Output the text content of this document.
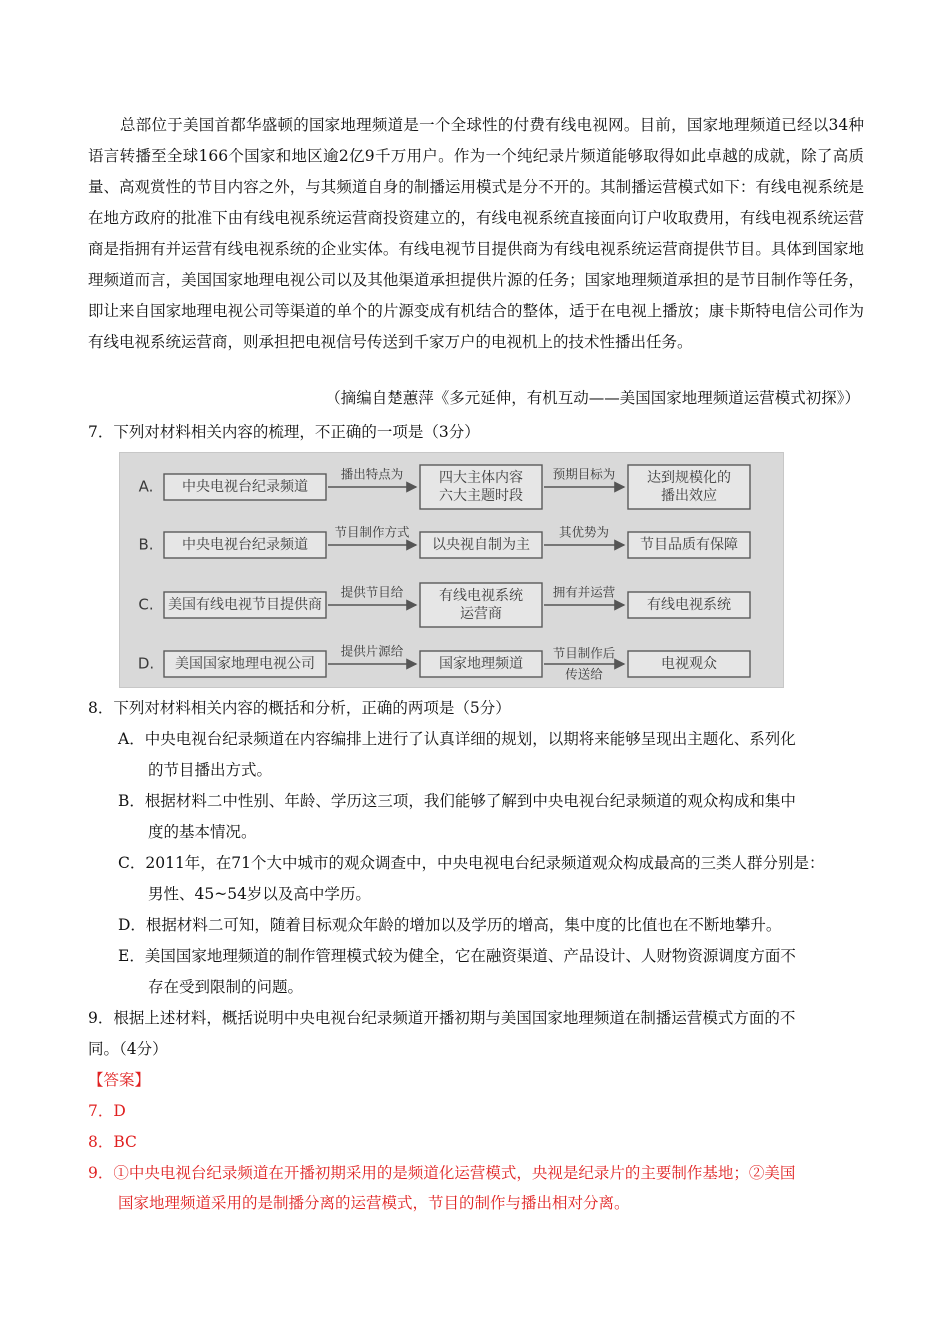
总部位于美国首都华盛顿的国家地理频道是一个全球性的付费有线电视网。目前，国家地理频道已经以34种语言转播至全球166个国家和地区逾2亿9千万用户。作为一个纯纪录片频道能够取得如此卓越的成就，除了高质量、高观赏性的节目内容之外，与其频道自身的制播运用模式是分不开的。其制播运营模式如下：有线电视系统是在地方政府的批准下由有线电视系统运营商投资建立的，有线电视系统直接面向订户收取费用，有线电视系统运营商是指拥有并运营有线电视系统的企业实体。有线电视节目提供商为有线电视系统运营商提供节目。具体到国家地理频道而言，美国国家地理电视公司以及其他渠道承担提供片源的任务；国家地理频道承担的是节目制作等任务，即让来自国家地理电视公司等渠道的单个的片源变成有机结合的整体，适于在电视上播放；康卡斯特电信公司作为有线电视系统运营商，则承担把电视信号传送到千家万户的电视机上的技术性播出任务。

（摘编自楚蕙萍《多元延伸，有机互动——美国国家地理频道运营模式初探》）

7．下列对材料相关内容的梳理，不正确的一项是（3分）

A. 中央电视台纪录频道
播出特点为	四大主体内容
六大主题时段
预期目标为 达到规模化的
播出效应
B. 中央电视台纪录频道
节目制作方式
以央视自制为主
其优势为
节目品质有保障
C. 美国有线电视节目提供商
提供节目给	有线电视系统
运营商
拥有并运营
有线电视系统
D. 美国国家地理电视公司
提供片源给
国家地理频道
节目制作后
传送给
电视观众

8．下列对材料相关内容的概括和分析，正确的两项是（5分）

A．中央电视台纪录频道在内容编排上进行了认真详细的规划，以期将来能够呈现出主题化、系列化
的节目播出方式。
B．根据材料二中性别、年龄、学历这三项，我们能够了解到中央电视台纪录频道的观众构成和集中
度的基本情况。
C．2011年，在71个大中城市的观众调查中，中央电视电台纪录频道观众构成最高的三类人群分别是：
男性、45~54岁以及高中学历。
D．根据材料二可知，随着目标观众年龄的增加以及学历的增高，集中度的比值也在不断地攀升。
E．美国国家地理频道的制作管理模式较为健全，它在融资渠道、产品设计、人财物资源调度方面不
存在受到限制的问题。

9．根据上述材料，概括说明中央电视台纪录频道开播初期与美国国家地理频道在制播运营模式方面的不

同。（4分）

【答案】

7．D

8．BC

9．①中央电视台纪录频道在开播初期采用的是频道化运营模式，央视是纪录片的主要制作基地；②美国

国家地理频道采用的是制播分离的运营模式，节目的制作与播出相对分离。
